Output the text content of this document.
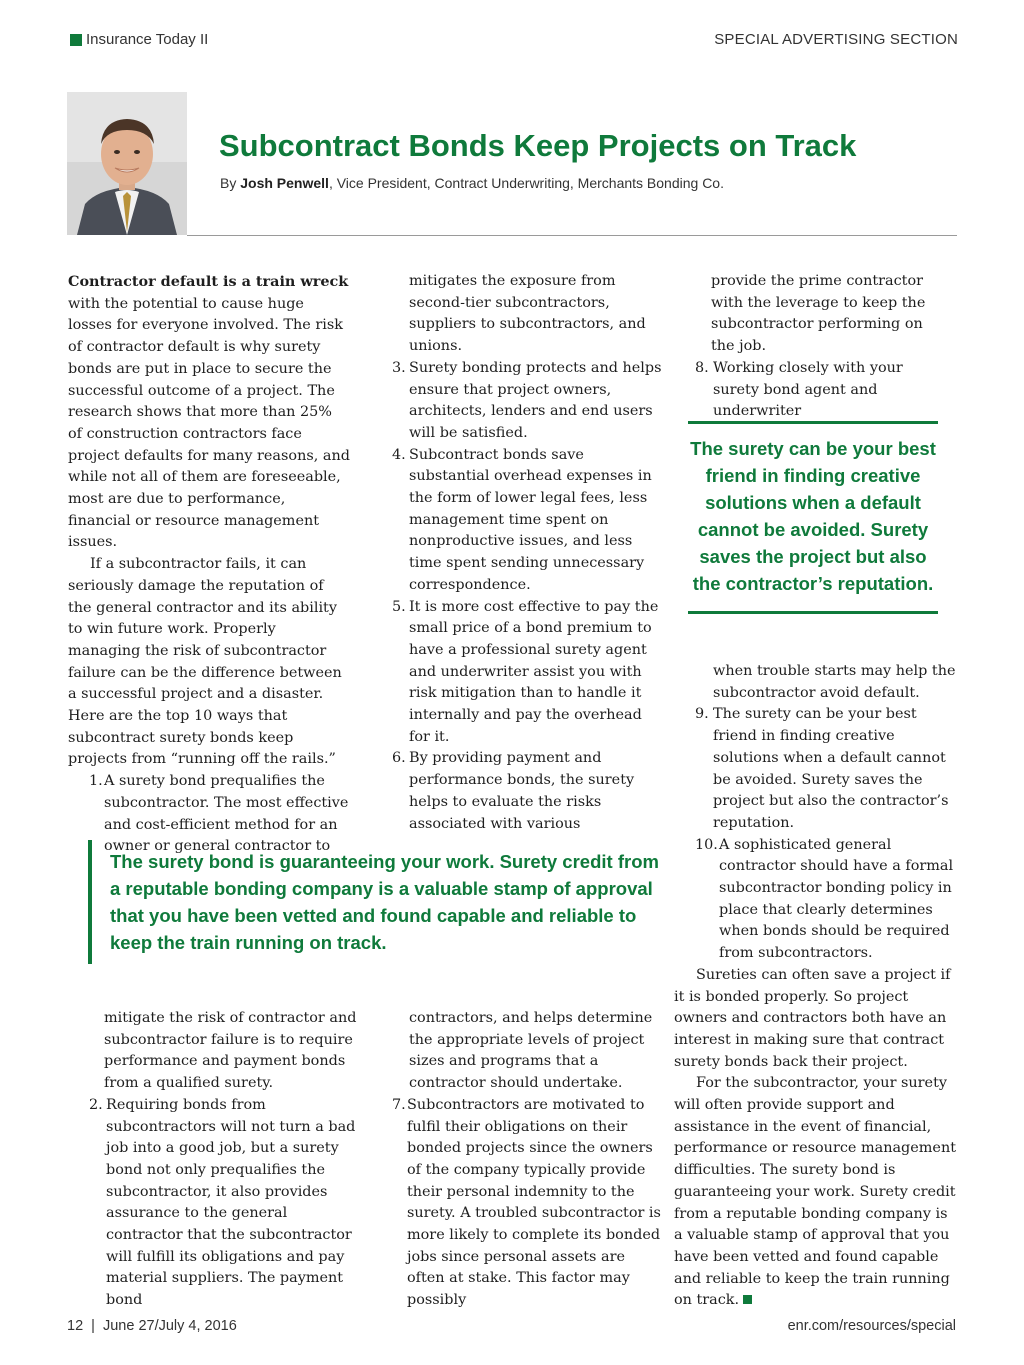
Insurance Today II	SPECIAL ADVERTISING SECTION
Subcontract Bonds Keep Projects on Track
By Josh Penwell, Vice President, Contract Underwriting, Merchants Bonding Co.

Contractor default is a train wreck with the potential to cause huge losses for everyone involved. The risk of contractor default is why surety bonds are put in place to secure the successful outcome of a project. The research shows that more than 25% of construction contractors face project defaults for many reasons, and while not all of them are foreseeable, most are due to performance, financial or resource management issues.

If a subcontractor fails, it can seriously damage the reputation of the general contractor and its ability to win future work. Properly managing the risk of subcontractor failure can be the difference between a successful project and a disaster. Here are the top 10 ways that subcontract surety bonds keep projects from “running off the rails.”

1. A surety bond prequalifies the subcontractor. The most effective and cost-efficient method for an owner or general contractor to
mitigates the exposure from second-tier subcontractors, suppliers to subcontractors, and unions.
3. Surety bonding protects and helps ensure that project owners, architects, lenders and end users will be satisfied.
4. Subcontract bonds save substantial overhead expenses in the form of lower legal fees, less management time spent on nonproductive issues, and less time spent sending unnecessary correspondence.
5. It is more cost effective to pay the small price of a bond premium to have a professional surety agent and underwriter assist you with risk mitigation than to handle it internally and pay the overhead for it.
6. By providing payment and performance bonds, the surety helps to evaluate the risks associated with various
provide the prime contractor with the leverage to keep the subcontractor performing on the job.
8. Working closely with your surety bond agent and underwriter
The surety can be your best friend in finding creative solutions when a default cannot be avoided. Surety saves the project but also the contractor’s reputation.
when trouble starts may help the subcontractor avoid default.
9. The surety can be your best friend in finding creative solutions when a default cannot be avoided. Surety saves the project but also the contractor’s reputation.
10. A sophisticated general contractor should have a formal subcontractor bonding policy in place that clearly determines when bonds should be required from subcontractors.

Sureties can often save a project if it is bonded properly. So project owners and contractors both have an interest in making sure that contract surety bonds back their project.

For the subcontractor, your surety will often provide support and assistance in the event of financial, performance or resource management difficulties. The surety bond is guaranteeing your work. Surety credit from a reputable bonding company is a valuable stamp of approval that you have been vetted and found capable and reliable to keep the train running on track.

The surety bond is guaranteeing your work. Surety credit from a reputable bonding company is a valuable stamp of approval that you have been vetted and found capable and reliable to keep the train running on track.
mitigate the risk of contractor and subcontractor failure is to require performance and payment bonds from a qualified surety.
2. Requiring bonds from subcontractors will not turn a bad job into a good job, but a surety bond not only prequalifies the subcontractor, it also provides assurance to the general contractor that the subcontractor will fulfill its obligations and pay material suppliers. The payment bond
contractors, and helps determine the appropriate levels of project sizes and programs that a contractor should undertake.
7. Subcontractors are motivated to fulfil their obligations on their bonded projects since the owners of the company typically provide their personal indemnity to the surety. A troubled subcontractor is more likely to complete its bonded jobs since personal assets are often at stake. This factor may possibly
12 | June 27/July 4, 2016	enr.com/resources/special
